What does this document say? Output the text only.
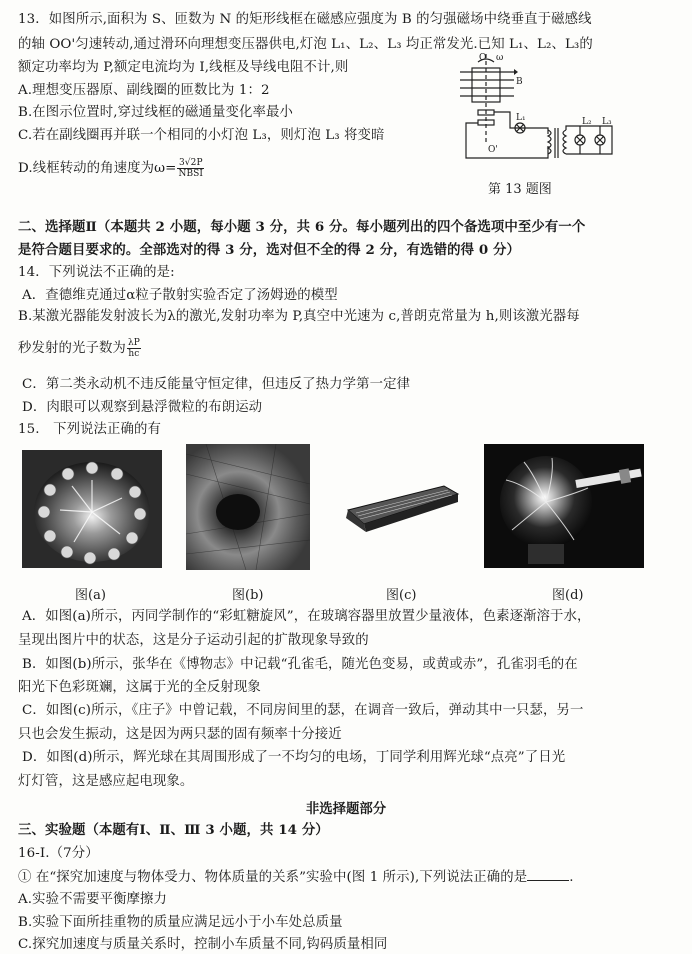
13．如图所示,面积为 S、匝数为 N 的矩形线框在磁感应强度为 B 的匀强磁场中绕垂直于磁感线
的轴 OO'匀速转动,通过滑环向理想变压器供电,灯泡 L₁、L₂、L₃ 均正常发光.已知 L₁、L₂、L₃的
额定功率均为 P,额定电流均为 I,线框及导线电阻不计,则
A.理想变压器原、副线圈的匝数比为 1：2
B.在图示位置时,穿过线框的磁通量变化率最小
C.若在副线圈再并联一个相同的小灯泡 L₃，则灯泡 L₃ 将变暗
D.线框转动的角速度为$\omega= \frac{3√2P}{\text{NBSI}}$
O ω
B
O'
L₁	L₂ L₃
第 13 题图
二、选择题Ⅱ（本题共 2 小题，每小题 3 分，共 6 分。每小题列出的四个备选项中至少有一个
是符合题目要求的。全部选对的得 3 分，选对但不全的得 2 分，有选错的得 0 分）
14．下列说法不正确的是:
A．查德维克通过α粒子散射实验否定了汤姆逊的模型
B.某激光器能发射波长为λ的激光,发射功率为 P,真空中光速为 c,普朗克常量为 h,则该激光器每
秒发射的光子数为 $\frac{\lambda P}{hc}$
C．第二类永动机不违反能量守恒定律，但违反了热力学第一定律
D．肉眼可以观察到悬浮微粒的布朗运动
15.　下列说法正确的有
图(a)	图(b)	图(c)	图(d)
A．如图(a)所示，丙同学制作的“彩虹糖旋风”，在玻璃容器里放置少量液体，色素逐渐溶于水，
呈现出图片中的状态，这是分子运动引起的扩散现象导致的
B．如图(b)所示，张华在《博物志》中记载“孔雀毛，随光色变易，或黄或赤”，孔雀羽毛的在
阳光下色彩斑斓，这属于光的全反射现象
C．如图(c)所示，《庄子》中曾记载，不同房间里的瑟，在调音一致后，弹动其中一只瑟，另一
只也会发生振动，这是因为两只瑟的固有频率十分接近
D．如图(d)所示，辉光球在其周围形成了一不均匀的电场，丁同学利用辉光球“点亮”了日光
灯灯管，这是感应起电现象。
非选择题部分
三、实验题（本题有Ⅰ、Ⅱ、Ⅲ 3 小题，共 14 分）
16-Ⅰ.（7分）
① 在“探究加速度与物体受力、物体质量的关系”实验中(图 1 所示),下列说法正确的是	.
A.实验不需要平衡摩擦力
B.实验下面所挂重物的质量应满足远小于小车处总质量
C.探究加速度与质量关系时，控制小车质量不同,钩码质量相同
